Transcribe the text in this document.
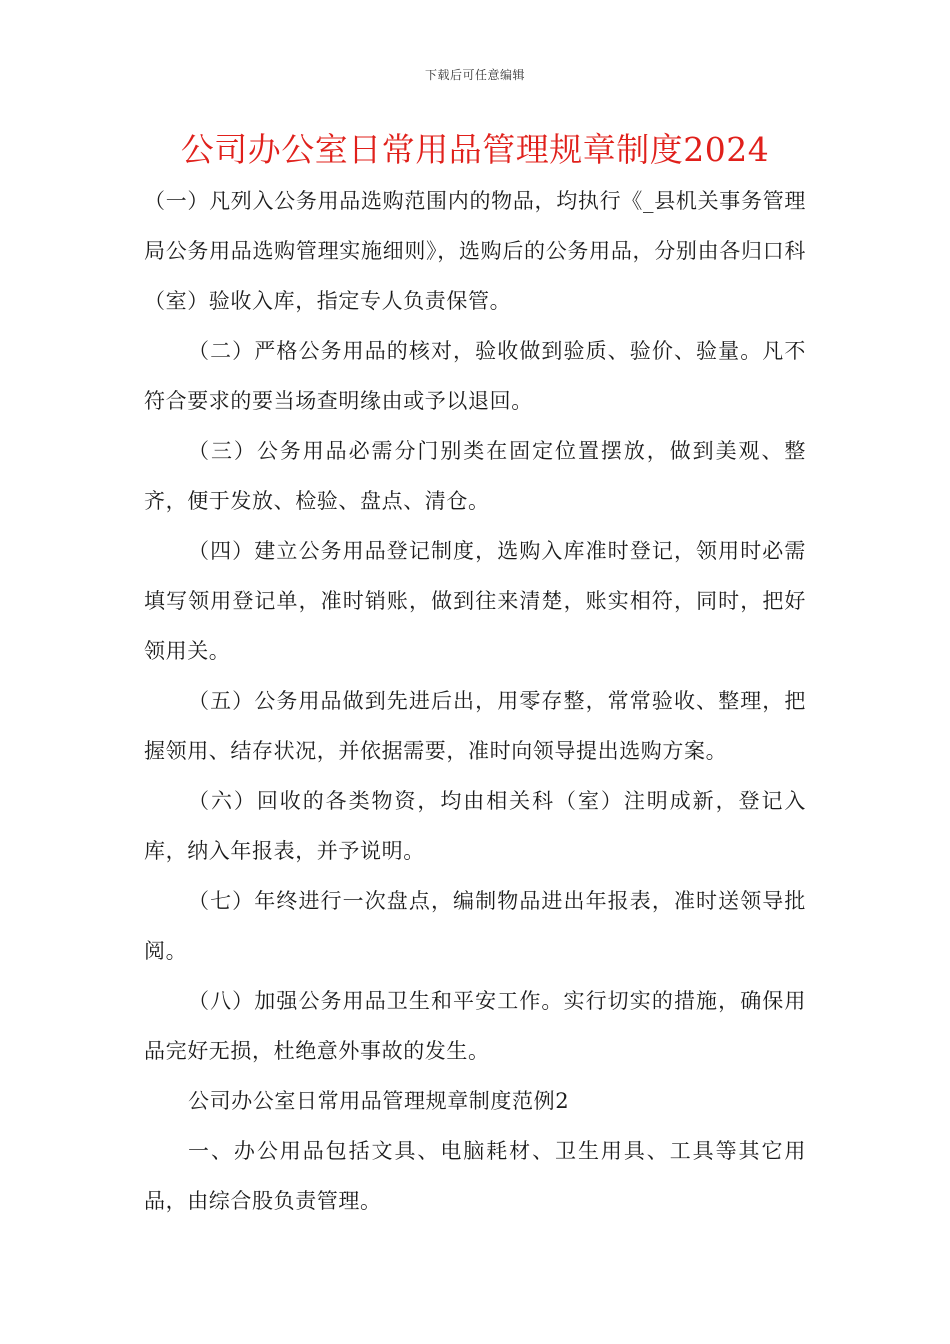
下载后可任意编辑
公司办公室日常用品管理规章制度2024

（一）凡列入公务用品选购范围内的物品，均执行《_县机关事务管理局公务用品选购管理实施细则》，选购后的公务用品，分别由各归口科（室）验收入库，指定专人负责保管。

（二）严格公务用品的核对，验收做到验质、验价、验量。凡不符合要求的要当场查明缘由或予以退回。

（三）公务用品必需分门别类在固定位置摆放，做到美观、整齐，便于发放、检验、盘点、清仓。

（四）建立公务用品登记制度，选购入库准时登记，领用时必需填写领用登记单，准时销账，做到往来清楚，账实相符，同时，把好领用关。

（五）公务用品做到先进后出，用零存整，常常验收、整理，把握领用、结存状况，并依据需要，准时向领导提出选购方案。

（六）回收的各类物资，均由相关科（室）注明成新，登记入库，纳入年报表，并予说明。

（七）年终进行一次盘点，编制物品进出年报表，准时送领导批阅。

（八）加强公务用品卫生和平安工作。实行切实的措施，确保用品完好无损，杜绝意外事故的发生。

公司办公室日常用品管理规章制度范例2

一、办公用品包括文具、电脑耗材、卫生用具、工具等其它用品，由综合股负责管理。
